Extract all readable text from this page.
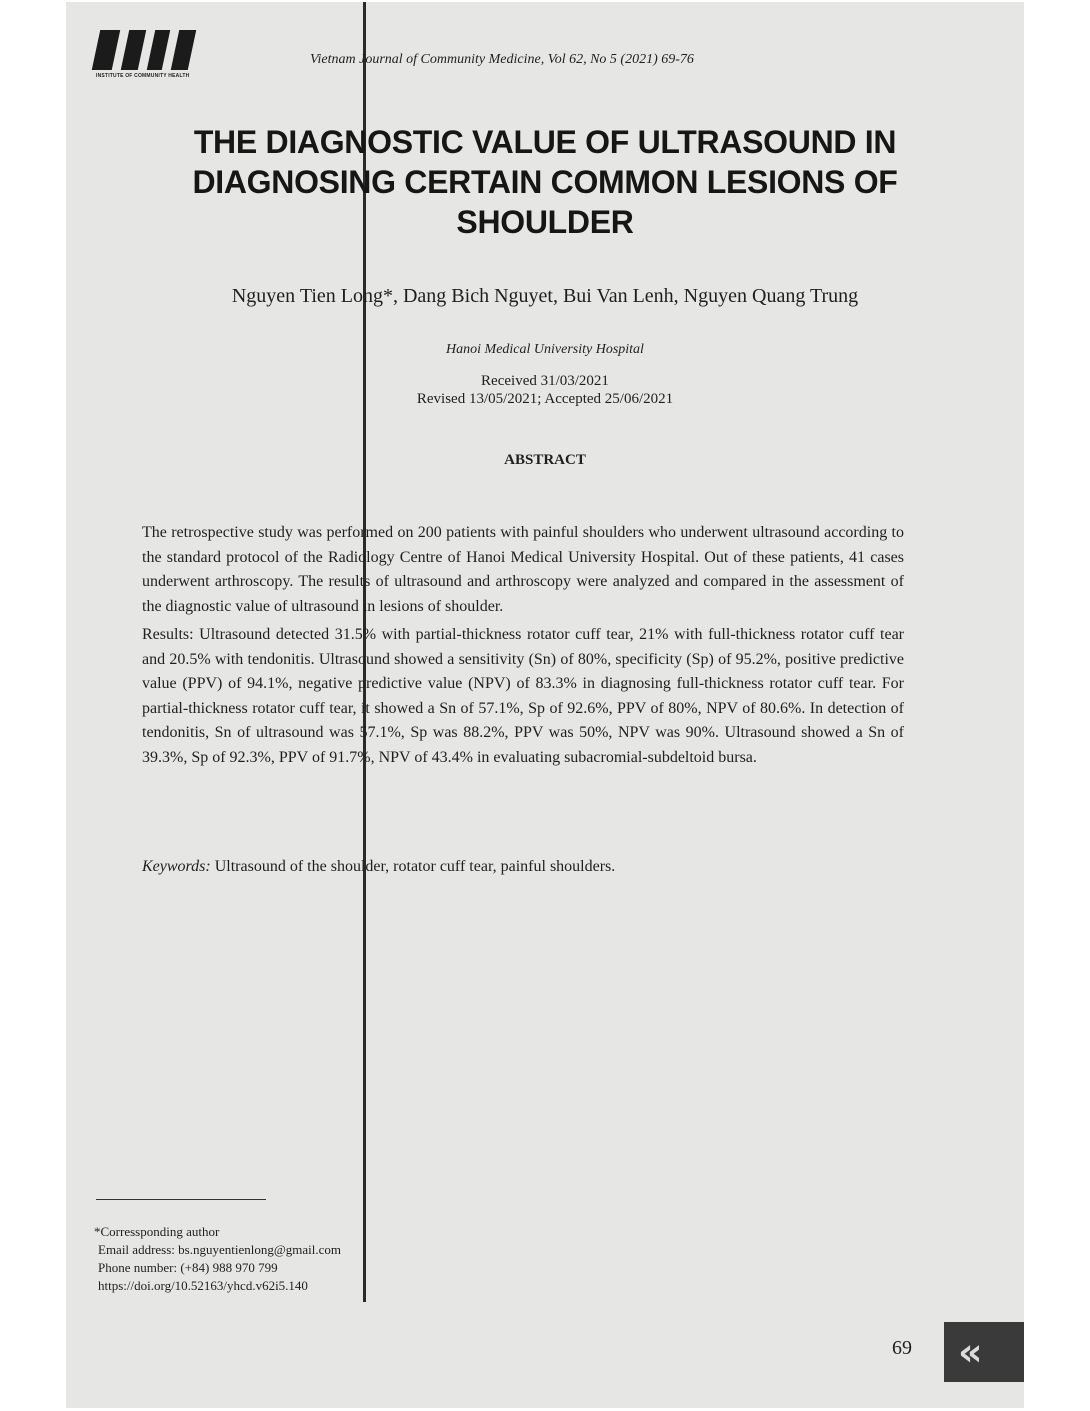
INSTITUTE OF COMMUNITY HEALTH
Vietnam Journal of Community Medicine, Vol 62, No 5 (2021) 69-76
THE DIAGNOSTIC VALUE OF ULTRASOUND IN DIAGNOSING CERTAIN COMMON LESIONS OF SHOULDER
Nguyen Tien Long*, Dang Bich Nguyet, Bui Van Lenh, Nguyen Quang Trung
Hanoi Medical University Hospital
Received 31/03/2021
Revised 13/05/2021; Accepted 25/06/2021
ABSTRACT

The retrospective study was performed on 200 patients with painful shoulders who underwent ultrasound according to the standard protocol of the Radiology Centre of Hanoi Medical University Hospital. Out of these patients, 41 cases underwent arthroscopy. The results of ultrasound and arthroscopy were analyzed and compared in the assessment of the diagnostic value of ultrasound in lesions of shoulder.

Results: Ultrasound detected 31.5% with partial-thickness rotator cuff tear, 21% with full-thickness rotator cuff tear and 20.5% with tendonitis. Ultrasound showed a sensitivity (Sn) of 80%, specificity (Sp) of 95.2%, positive predictive value (PPV) of 94.1%, negative predictive value (NPV) of 83.3% in diagnosing full-thickness rotator cuff tear. For partial-thickness rotator cuff tear, it showed a Sn of 57.1%, Sp of 92.6%, PPV of 80%, NPV of 80.6%. In detection of tendonitis, Sn of ultrasound was 57.1%, Sp was 88.2%, PPV was 50%, NPV was 90%. Ultrasound showed a Sn of 39.3%, Sp of 92.3%, PPV of 91.7%, NPV of 43.4% in evaluating subacromial-subdeltoid bursa.

Keywords: Ultrasound of the shoulder, rotator cuff tear, painful shoulders.
*Corressponding author
Email address: bs.nguyentienlong@gmail.com
Phone number: (+84) 988 970 799
https://doi.org/10.52163/yhcd.v62i5.140
69 «
